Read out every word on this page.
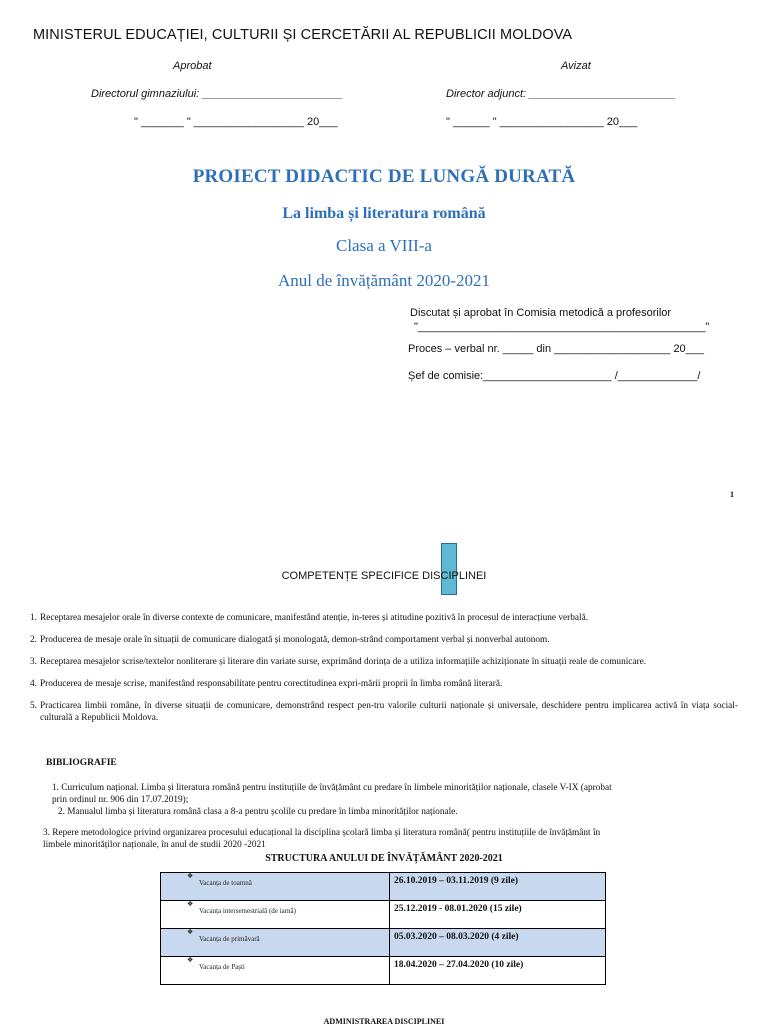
MINISTERUL EDUCAȚIEI, CULTURII ȘI CERCETĂRII AL REPUBLICII MOLDOVA
Aprobat
Directorul gimnaziului: _______________________
" _______ " __________________ 20___
Avizat
Director adjunct: ________________________
" ______ " _________________ 20___
PROIECT DIDACTIC DE LUNGĂ DURATĂ
La limba și literatura română
Clasa a VIII-a
Anul de învățământ 2020-2021
Discutat și aprobat în Comisia metodică a profesorilor
"_______________________________________________"
Proces – verbal nr. _____ din ___________________ 20___
Șef de comisie:_____________________ /_____________/
1
COMPETENȚE SPECIFICE DISCIPLINEI
1. Receptarea mesajelor orale în diverse contexte de comunicare, manifestând atenție, in-teres și atitudine pozitivă în procesul de interacțiune verbală.
2. Producerea de mesaje orale în situații de comunicare dialogată și monologată, demon-strând comportament verbal și nonverbal autonom.
3. Receptarea mesajelor scrise/textelor nonliterare și literare din variate surse, exprimând dorința de a utiliza informațiile achiziționate în situații reale de comunicare.
4. Producerea de mesaje scrise, manifestând responsabilitate pentru corectitudinea expri-mării proprii în limba română literară.
5. Practicarea limbii române, în diverse situații de comunicare, demonstrând respect pen-tru valorile culturii naționale și universale, deschidere pentru implicarea activă în viața social-culturală a Republicii Moldova.
BIBLIOGRAFIE
1. Curriculum național. Limba și literatura română pentru instituțiile de învățământ cu predare în limbele minorităților naționale, clasele V-IX (aprobat
prin ordinul nr. 906 din 17.07.2019);
2. Manualul limba și literatura română clasa a 8-a pentru școlile cu predare în limba minorităților naționale.
3. Repere metodologice privind organizarea procesului educațional la disciplina școlară limba și literatura română( pentru instituțiile de învățământ în
limbele minorităților naționale, în anul de studii 2020 -2021
STRUCTURA ANULUI DE ÎNVĂȚĂMÂNT 2020-2021
❖
Vacanța de toamnă	26.10.2019 – 03.11.2019 (9 zile)

❖
Vacanța intersemestrială (de iarnă)	25.12.2019 - 08.01.2020 (15 zile)

❖
Vacanța de primăvară	05.03.2020 – 08.03.2020 (4 zile)

❖
Vacanța de Paști	18.04.2020 – 27.04.2020 (10 zile)
ADMINISTRAREA DISCIPLINEI
